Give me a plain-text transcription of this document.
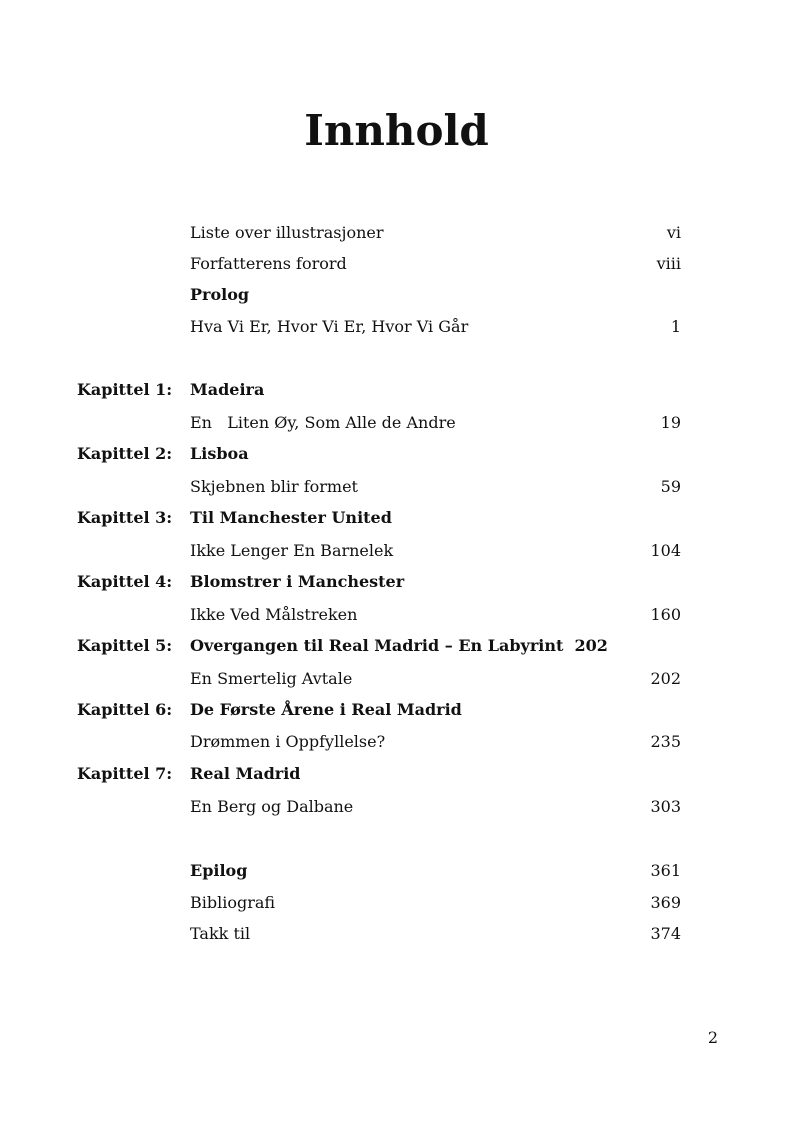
Innhold
Liste over illustrasjoner	vi
Forfatterens forord	viii
Prolog
Hva Vi Er, Hvor Vi Er, Hvor Vi Går	1
Kapittel 1: Madeira
En   Liten Øy, Som Alle de Andre	19
Kapittel 2: Lisboa
Skjebnen blir formet	59
Kapittel 3: Til Manchester United
Ikke Lenger En Barnelek	104
Kapittel 4: Blomstrer i Manchester
Ikke Ved Målstreken	160
Kapittel 5: Overgangen til Real Madrid – En Labyrint  202
En Smertelig Avtale	202
Kapittel 6: De Første Årene i Real Madrid
Drømmen i Oppfyllelse?	235
Kapittel 7: Real Madrid
En Berg og Dalbane	303
Epilog	361
Bibliografi	369
Takk til	374
2
